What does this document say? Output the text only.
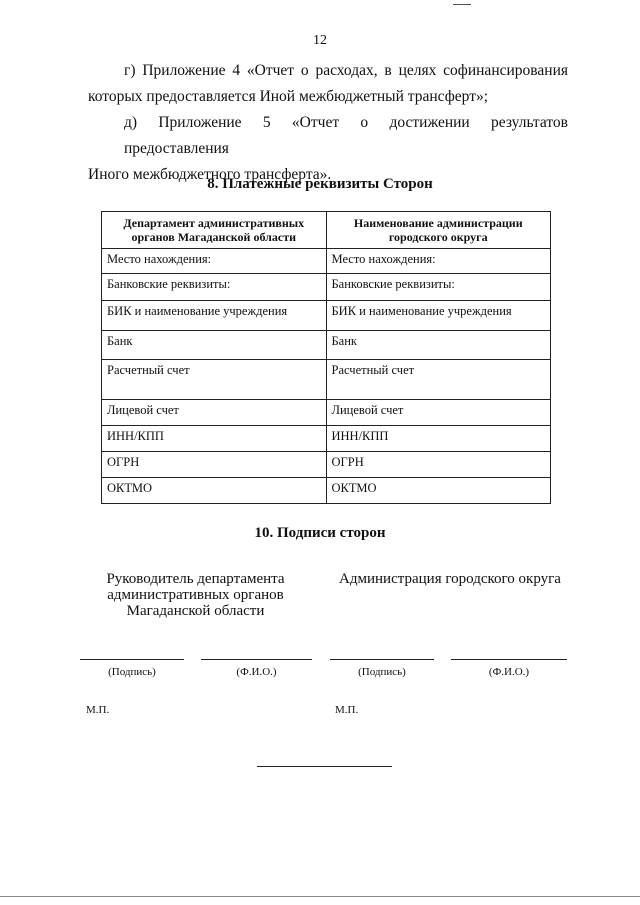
12

г) Приложение 4 «Отчет о расходах, в целях софинансирования
которых предоставляется Иной межбюджетный трансферт»;

д) Приложение 5 «Отчет о достижении результатов предоставления
Иного межбюджетного трансферта».

8. Платежные реквизиты Сторон
Департамент административных органов Магаданской области	Наименование администрации городского округа
Место нахождения:	Место нахождения:
Банковские реквизиты:	Банковские реквизиты:
БИК и наименование учреждения	БИК и наименование учреждения
Банк	Банк
Расчетный счет	Расчетный счет
Лицевой счет	Лицевой счет
ИНН/КПП	ИНН/КПП
ОГРН	ОГРН
ОКТМО	ОКТМО
10. Подписи сторон
Руководитель департамента
административных органов
Магаданской области
Администрация городского округа
(Подпись)	(Ф.И.О.)	(Подпись)	(Ф.И.О.)
М.П.	М.П.
